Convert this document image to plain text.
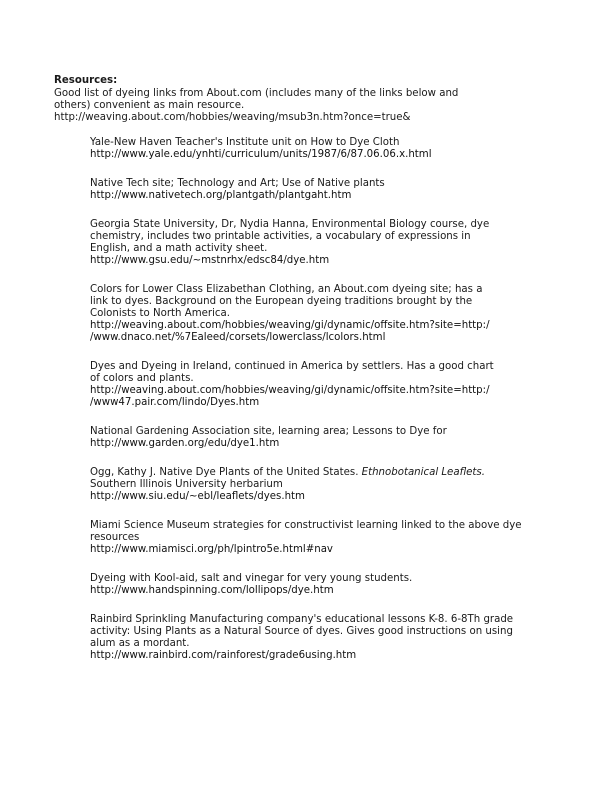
Resources:
Good list of dyeing links from About.com (includes many of the links below and
others) convenient as main resource.
http://weaving.about.com/hobbies/weaving/msub3n.htm?once=true&
Yale-New Haven Teacher's Institute unit on How to Dye Cloth
http://www.yale.edu/ynhti/curriculum/units/1987/6/87.06.06.x.html
Native Tech site; Technology and Art; Use of Native plants
http://www.nativetech.org/plantgath/plantgaht.htm
Georgia State University, Dr, Nydia Hanna, Environmental Biology course, dye
chemistry, includes two printable activities, a vocabulary of expressions in
English, and a math activity sheet.
http://www.gsu.edu/~mstnrhx/edsc84/dye.htm
Colors for Lower Class Elizabethan Clothing, an About.com dyeing site; has a
link to dyes. Background on the European dyeing traditions brought by the
Colonists to North America.
http://weaving.about.com/hobbies/weaving/gi/dynamic/offsite.htm?site=http:/
/www.dnaco.net/%7Ealeed/corsets/lowerclass/lcolors.html
Dyes and Dyeing in Ireland, continued in America by settlers. Has a good chart
of colors and plants.
http://weaving.about.com/hobbies/weaving/gi/dynamic/offsite.htm?site=http:/
/www47.pair.com/lindo/Dyes.htm
National Gardening Association site, learning area; Lessons to Dye for
http://www.garden.org/edu/dye1.htm
Ogg, Kathy J. Native Dye Plants of the United States. Ethnobotanical Leaflets.
Southern Illinois University herbarium
http://www.siu.edu/~ebl/leaflets/dyes.htm
Miami Science Museum strategies for constructivist learning linked to the above dye
resources
http://www.miamisci.org/ph/lpintro5e.html#nav
Dyeing with Kool-aid, salt and vinegar for very young students.
http://www.handspinning.com/lollipops/dye.htm
Rainbird Sprinkling Manufacturing company's educational lessons K-8. 6-8Th grade
activity: Using Plants as a Natural Source of dyes. Gives good instructions on using
alum as a mordant.
http://www.rainbird.com/rainforest/grade6using.htm
